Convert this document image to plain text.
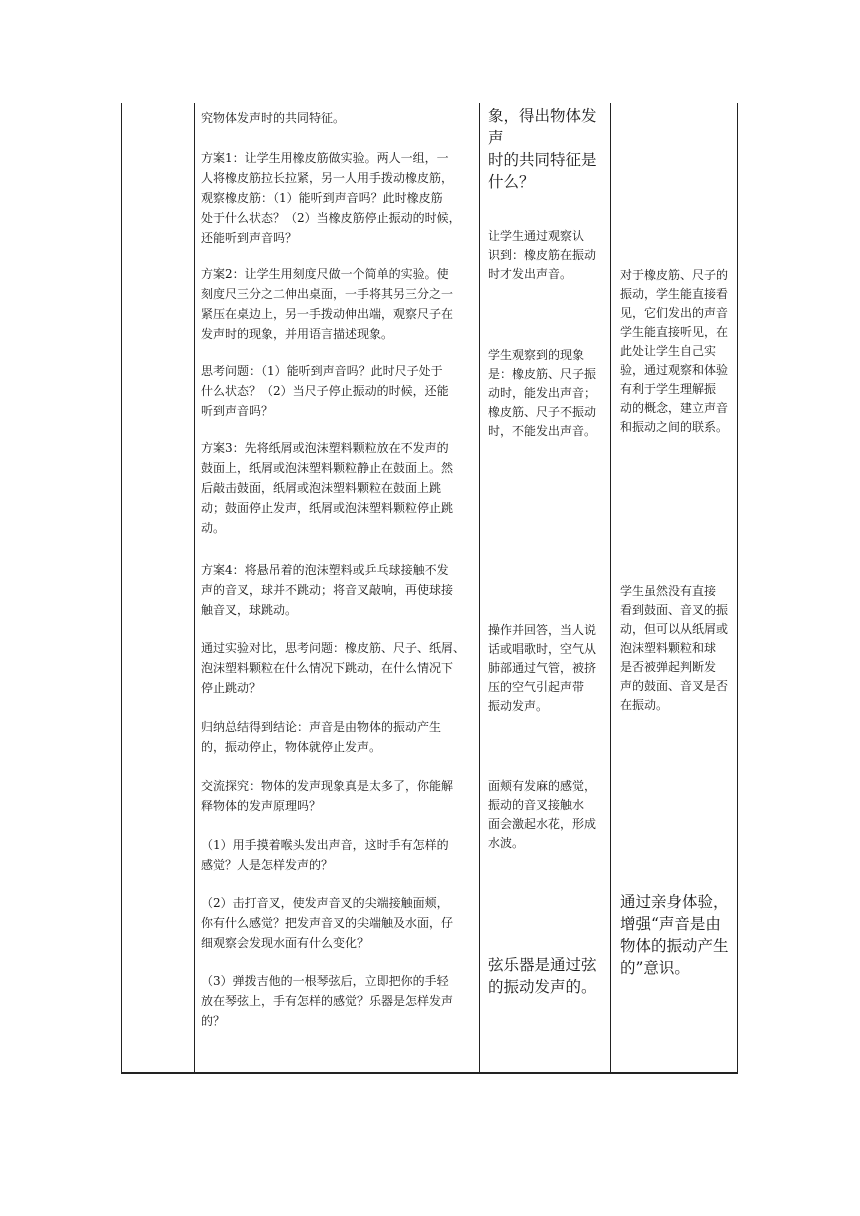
究物体发声时的共同特征。

方案1：让学生用橡皮筋做实验。两人一组，一
人将橡皮筋拉长拉紧，另一人用手拨动橡皮筋，
观察橡皮筋：（1）能听到声音吗？此时橡皮筋
处于什么状态？（2）当橡皮筋停止振动的时候，
还能听到声音吗？

方案2：让学生用刻度尺做一个简单的实验。使
刻度尺三分之二伸出桌面，一手将其另三分之一
紧压在桌边上，另一手拨动伸出端，观察尺子在
发声时的现象，并用语言描述现象。

思考问题：（1）能听到声音吗？此时尺子处于
什么状态？（2）当尺子停止振动的时候，还能
听到声音吗？

方案3：先将纸屑或泡沫塑料颗粒放在不发声的
鼓面上，纸屑或泡沫塑料颗粒静止在鼓面上。然
后敲击鼓面，纸屑或泡沫塑料颗粒在鼓面上跳
动；鼓面停止发声，纸屑或泡沫塑料颗粒停止跳
动。

方案4：将悬吊着的泡沫塑料或乒乓球接触不发
声的音叉，球并不跳动；将音叉敲响，再使球接
触音叉，球跳动。

通过实验对比，思考问题：橡皮筋、尺子、纸屑、
泡沫塑料颗粒在什么情况下跳动，在什么情况下
停止跳动？

归纳总结得到结论：声音是由物体的振动产生
的，振动停止，物体就停止发声。

交流探究：物体的发声现象真是太多了，你能解
释物体的发声原理吗？

（1）用手摸着喉头发出声音，这时手有怎样的
感觉？人是怎样发声的？

（2）击打音叉，使发声音叉的尖端接触面颊，
你有什么感觉？把发声音叉的尖端触及水面，仔
细观察会发现水面有什么变化？

（3）弹拨吉他的一根琴弦后，立即把你的手轻
放在琴弦上，手有怎样的感觉？乐器是怎样发声
的？

象，得出物体发声
时的共同特征是
什么？

让学生通过观察认
识到：橡皮筋在振动
时才发出声音。

学生观察到的现象
是：橡皮筋、尺子振
动时，能发出声音；
橡皮筋、尺子不振动
时，不能发出声音。

操作并回答，当人说
话或唱歌时，空气从
肺部通过气管，被挤
压的空气引起声带
振动发声。

面颊有发麻的感觉，
振动的音叉接触水
面会激起水花，形成
水波。

弦乐器是通过弦
的振动发声的。

对于橡皮筋、尺子的
振动，学生能直接看
见，它们发出的声音
学生能直接听见，在
此处让学生自己实
验，通过观察和体验
有利于学生理解振
动的概念，建立声音
和振动之间的联系。

学生虽然没有直接
看到鼓面、音叉的振
动，但可以从纸屑或
泡沫塑料颗粒和球
是否被弹起判断发
声的鼓面、音叉是否
在振动。

通过亲身体验，
增强“声音是由
物体的振动产生
的”意识。
